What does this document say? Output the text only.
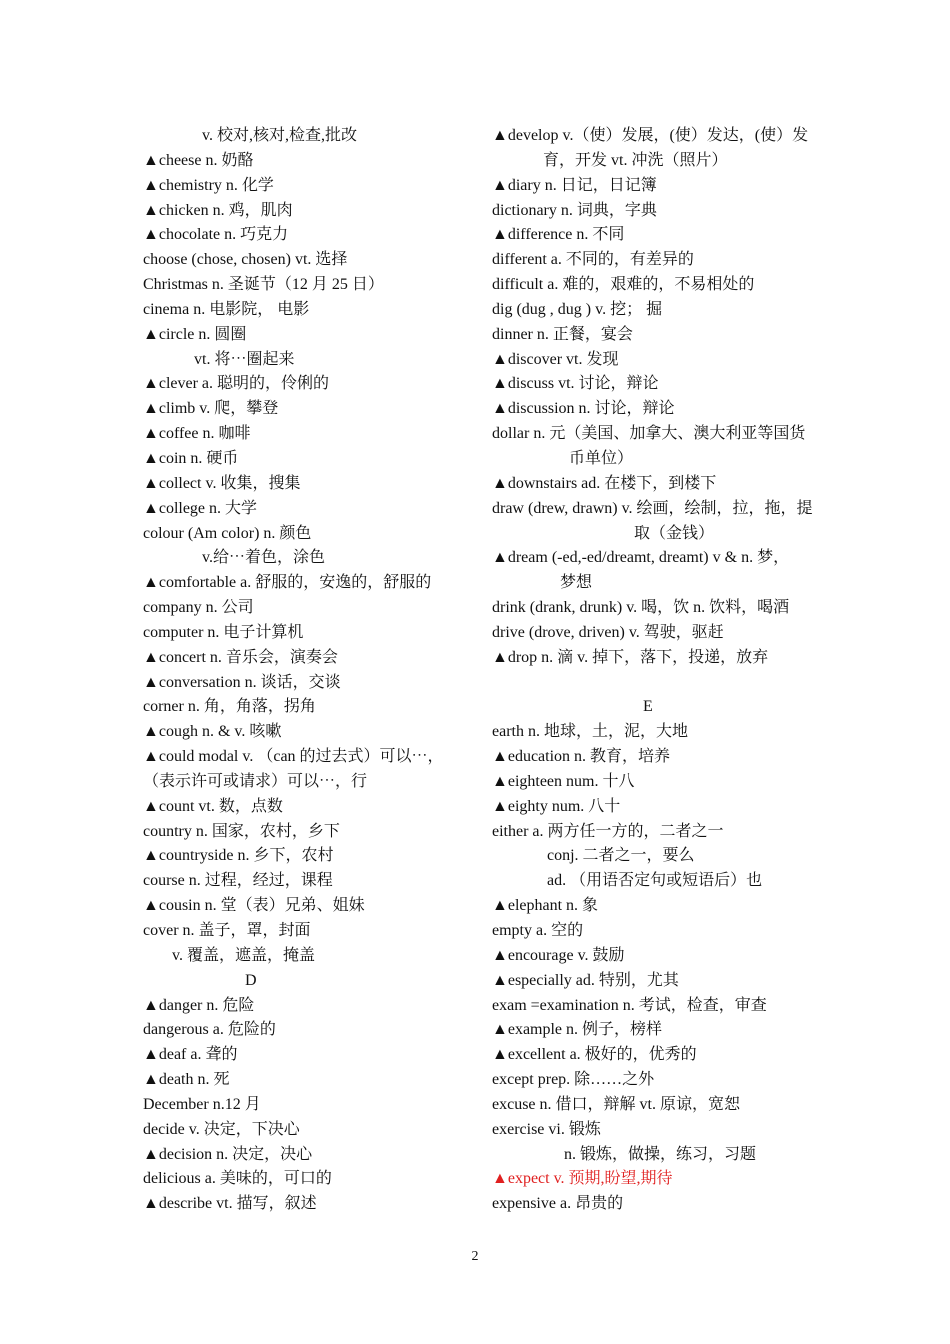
v. 校对,核对,检查,批改
▲cheese n. 奶酪
▲chemistry n. 化学
▲chicken n. 鸡，肌肉
▲chocolate n. 巧克力
choose (chose, chosen) vt. 选择
Christmas n. 圣诞节（12 月 25 日）
cinema n. 电影院， 电影
▲circle n. 圆圈
vt. 将⋯圈起来
▲clever a. 聪明的，伶俐的
▲climb v. 爬，攀登
▲coffee n. 咖啡
▲coin n. 硬币
▲collect v. 收集，搜集
▲college n. 大学
colour (Am color) n. 颜色
v.给⋯着色，涂色
▲comfortable a. 舒服的，安逸的，舒服的
company n. 公司
computer n. 电子计算机
▲concert n. 音乐会，演奏会
▲conversation n. 谈话，交谈
corner n. 角，角落，拐角
▲cough n. & v. 咳嗽
▲could modal v. （can 的过去式）可以⋯，
（表示许可或请求）可以⋯，行
▲count vt. 数，点数
country n. 国家，农村，乡下
▲countryside n. 乡下，农村
course n. 过程，经过，课程
▲cousin n. 堂（表）兄弟、姐妹
cover n. 盖子，罩，封面
v. 覆盖，遮盖，掩盖
D
▲danger n. 危险
dangerous a. 危险的
▲deaf a. 聋的
▲death n. 死
December n.12 月
decide v. 决定，下决心
▲decision n. 决定，决心
delicious a. 美味的，可口的
▲describe vt. 描写，叙述
▲develop v.（使）发展，(使）发达，(使）发
育，开发 vt. 冲洗（照片）
▲diary n. 日记，日记簿
dictionary n. 词典，字典
▲difference n. 不同
different a. 不同的，有差异的
difficult a. 难的，艰难的，不易相处的
dig (dug , dug ) v. 挖； 掘
dinner n. 正餐，宴会
▲discover vt. 发现
▲discuss vt. 讨论，辩论
▲discussion n. 讨论，辩论
dollar n. 元（美国、加拿大、澳大利亚等国货
币单位）
▲downstairs ad. 在楼下，到楼下
draw (drew, drawn) v. 绘画，绘制，拉，拖，提
取（金钱）
▲dream (-ed,-ed/dreamt, dreamt) v & n. 梦，
梦想
drink (drank, drunk) v. 喝，饮 n. 饮料，喝酒
drive (drove, driven) v. 驾驶，驱赶
▲drop n. 滴 v. 掉下，落下，投递，放弃
E
earth n. 地球，土，泥，大地
▲education n. 教育，培养
▲eighteen num. 十八
▲eighty num. 八十
either a. 两方任一方的，二者之一
conj. 二者之一，要么
ad. （用语否定句或短语后）也
▲elephant n. 象
empty a. 空的
▲encourage v. 鼓励
▲especially ad. 特别，尤其
exam =examination n. 考试，检查，审查
▲example n. 例子，榜样
▲excellent a. 极好的，优秀的
except prep. 除……之外
excuse n. 借口，辩解 vt. 原谅，宽恕
exercise vi. 锻炼
n. 锻炼，做操，练习，习题
▲expect v. 预期,盼望,期待
expensive a. 昂贵的
2
